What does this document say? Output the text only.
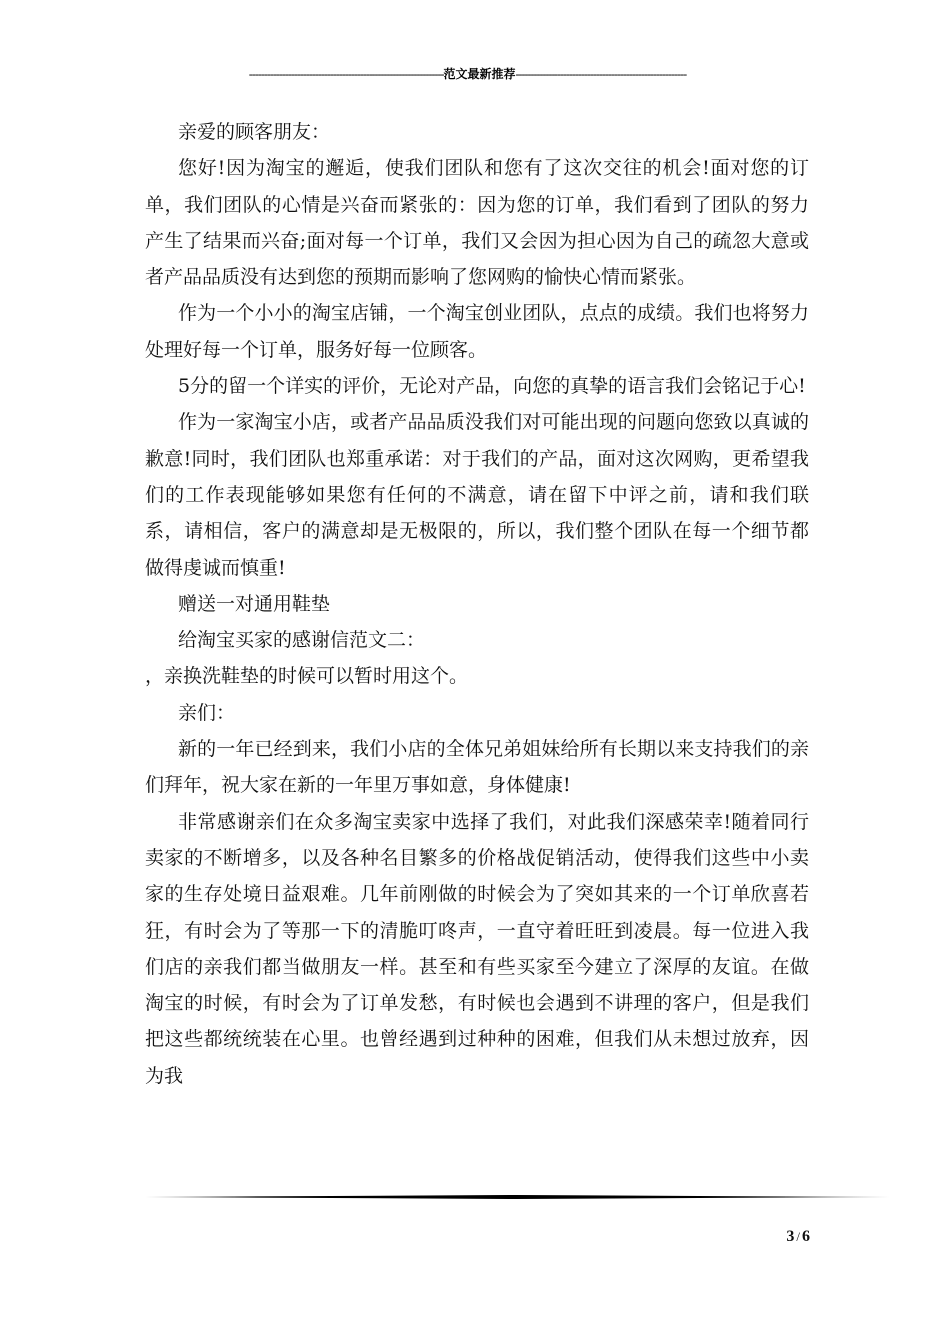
-----------------------------------------------------------------范文最新推荐---------------------------------------------------------

亲爱的顾客朋友：

您好!因为淘宝的邂逅，使我们团队和您有了这次交往的机会!面对您的订单，我们团队的心情是兴奋而紧张的：因为您的订单，我们看到了团队的努力产生了结果而兴奋;面对每一个订单，我们又会因为担心因为自己的疏忽大意或者产品品质没有达到您的预期而影响了您网购的愉快心情而紧张。

作为一个小小的淘宝店铺，一个淘宝创业团队，点点的成绩。我们也将努力处理好每一个订单，服务好每一位顾客。

5分的留一个详实的评价，无论对产品，向您的真挚的语言我们会铭记于心!

作为一家淘宝小店，或者产品品质没我们对可能出现的问题向您致以真诚的歉意!同时，我们团队也郑重承诺：对于我们的产品，面对这次网购，更希望我们的工作表现能够如果您有任何的不满意，请在留下中评之前，请和我们联系，请相信，客户的满意却是无极限的，所以，我们整个团队在每一个细节都做得虔诚而慎重!

赠送一对通用鞋垫

给淘宝买家的感谢信范文二：

，亲换洗鞋垫的时候可以暂时用这个。

亲们：

新的一年已经到来，我们小店的全体兄弟姐妹给所有长期以来支持我们的亲们拜年，祝大家在新的一年里万事如意，身体健康!

非常感谢亲们在众多淘宝卖家中选择了我们，对此我们深感荣幸!随着同行卖家的不断增多，以及各种名目繁多的价格战促销活动，使得我们这些中小卖家的生存处境日益艰难。几年前刚做的时候会为了突如其来的一个订单欣喜若狂，有时会为了等那一下的清脆叮咚声，一直守着旺旺到凌晨。每一位进入我们店的亲我们都当做朋友一样。甚至和有些买家至今建立了深厚的友谊。在做淘宝的时候，有时会为了订单发愁，有时候也会遇到不讲理的客户，但是我们把这些都统统装在心里。也曾经遇到过种种的困难，但我们从未想过放弃，因为我

3 / 6
